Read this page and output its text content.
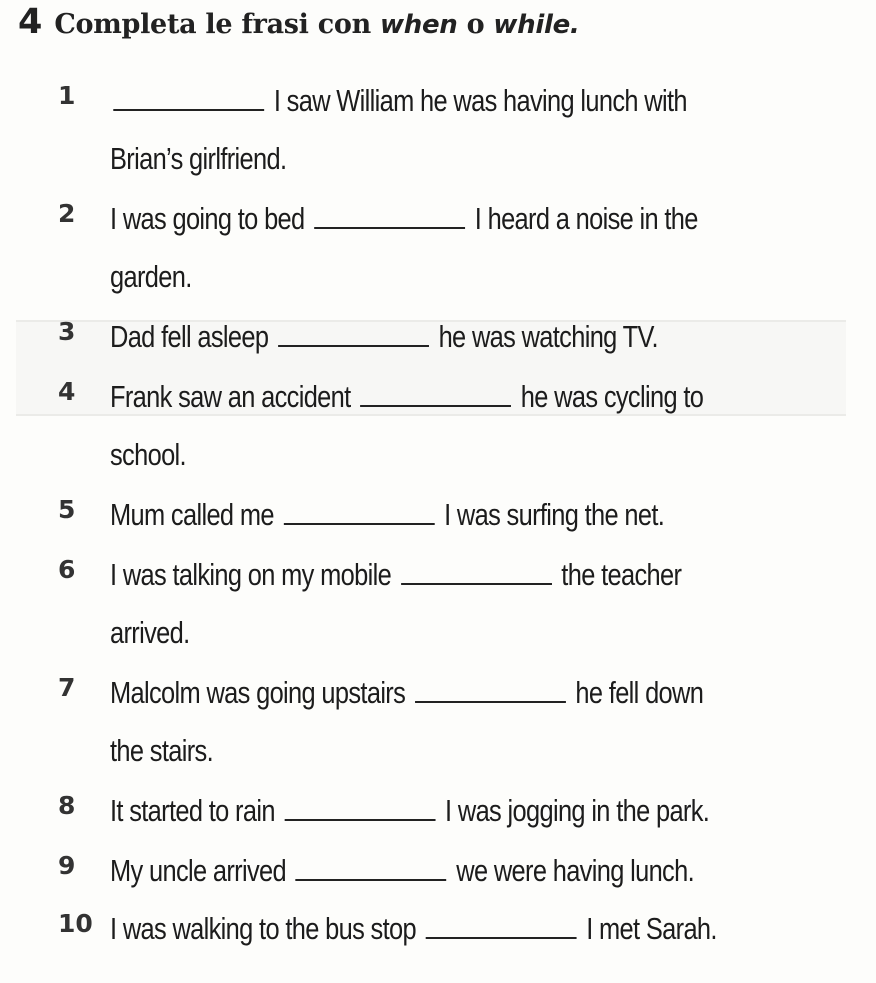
4 Completa le frasi con when o while.
1	I saw William he was having lunch with
Brian’s girlfriend.
2	I was going to bed	I heard a noise in the
garden.
3	Dad fell asleep	he was watching TV.
4	Frank saw an accident	he was cycling to
school.
5	Mum called me	I was surfing the net.
6	I was talking on my mobile	the teacher
arrived.
7	Malcolm was going upstairs	he fell down
the stairs.
8	It started to rain	I was jogging in the park.
9	My uncle arrived	we were having lunch.
10 I was walking to the bus stop	I met Sarah.
